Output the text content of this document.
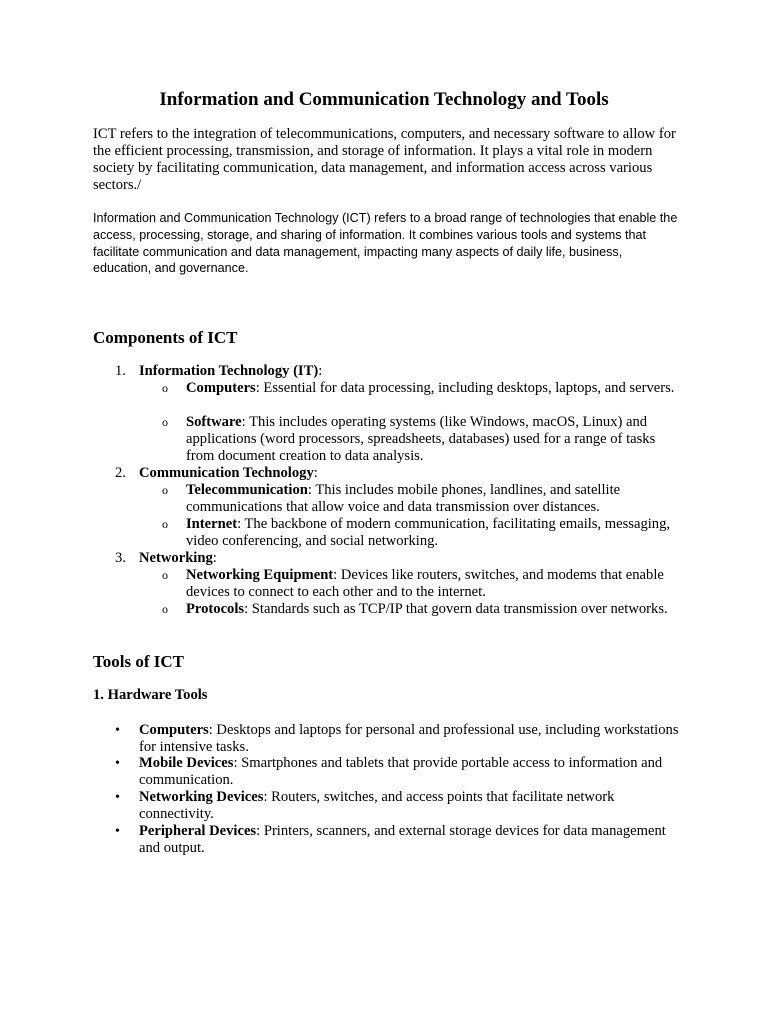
Information and Communication Technology and Tools

ICT refers to the integration of telecommunications, computers, and necessary software to allow for the efficient processing, transmission, and storage of information. It plays a vital role in modern society by facilitating communication, data management, and information access across various sectors./

Information and Communication Technology (ICT) refers to a broad range of technologies that enable the access, processing, storage, and sharing of information. It combines various tools and systems that facilitate communication and data management, impacting many aspects of daily life, business, education, and governance.

Components of ICT
1. Information Technology (IT):

o Computers: Essential for data processing, including desktops, laptops, and servers.

o Software: This includes operating systems (like Windows, macOS, Linux) and applications (word processors, spreadsheets, databases) used for a range of tasks from document creation to data analysis.

2. Communication Technology:

o Telecommunication: This includes mobile phones, landlines, and satellite communications that allow voice and data transmission over distances.

o Internet: The backbone of modern communication, facilitating emails, messaging, video conferencing, and social networking.

3. Networking:

o Networking Equipment: Devices like routers, switches, and modems that enable devices to connect to each other and to the internet.

o Protocols: Standards such as TCP/IP that govern data transmission over networks.

Tools of ICT
1. Hardware Tools
• Computers: Desktops and laptops for personal and professional use, including workstations for intensive tasks.

• Mobile Devices: Smartphones and tablets that provide portable access to information and communication.

• Networking Devices: Routers, switches, and access points that facilitate network connectivity.

• Peripheral Devices: Printers, scanners, and external storage devices for data management and output.
